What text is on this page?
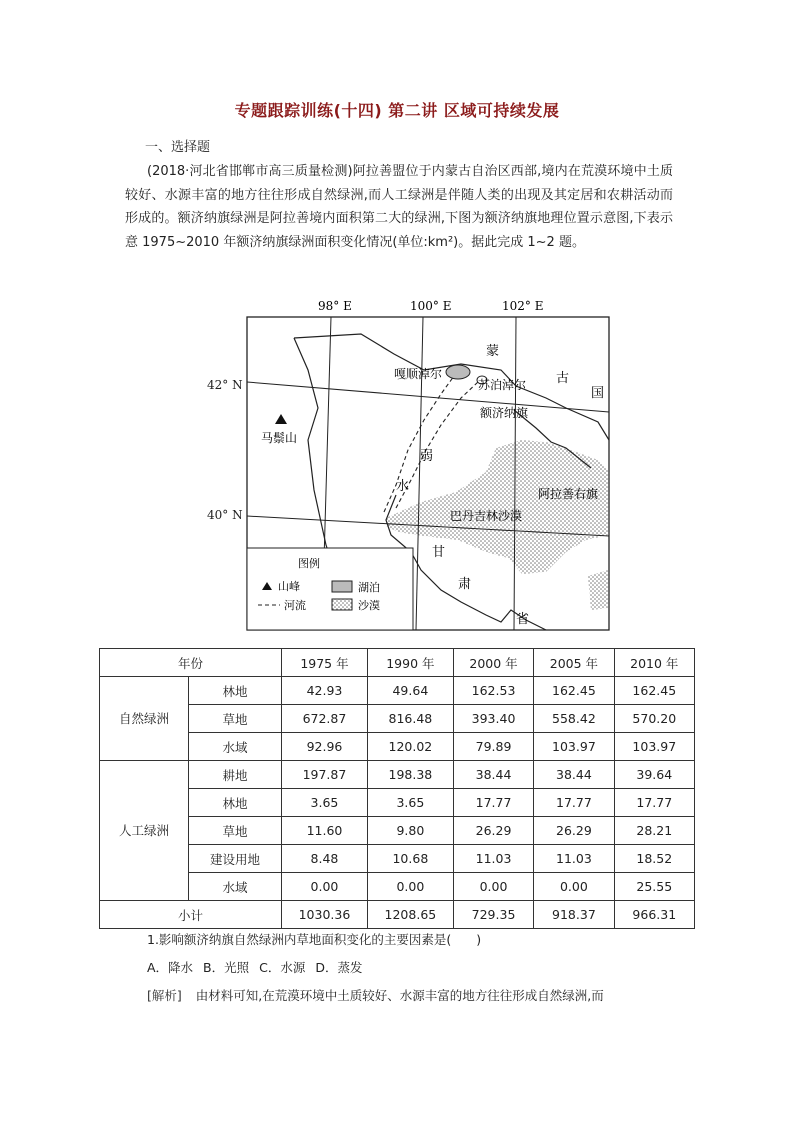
专题跟踪训练(十四) 第二讲 区域可持续发展
一、选择题
(2018·河北省邯郸市高三质量检测)阿拉善盟位于内蒙古自治区西部,境内在荒漠环境中土质较好、水源丰富的地方往往形成自然绿洲,而人工绿洲是伴随人类的出现及其定居和农耕活动而形成的。额济纳旗绿洲是阿拉善境内面积第二大的绿洲,下图为额济纳旗地理位置示意图,下表示意 1975~2010 年额济纳旗绿洲面积变化情况(单位:km²)。据此完成 1~2 题。
98° E	100° E	102° E
蒙
古
国
嘎顺淖尔
苏泊淖尔
额济纳旗
马鬃山
弱
水	阿拉善右旗
巴丹吉林沙漠
甘
肃
省
图例
山峰	湖泊
河流	沙漠
42° N
40° N
年份		1975 年	1990 年	2000 年	2005 年	2010 年
自然绿洲	林地	42.93	49.64	162.53	162.45	162.45
	草地	672.87	816.48	393.40	558.42	570.20
	水域	92.96	120.02	79.89	103.97	103.97
人工绿洲	耕地	197.87	198.38	38.44	38.44	39.64
	林地	3.65	3.65	17.77	17.77	17.77
	草地	11.60	9.80	26.29	26.29	28.21
	建设用地	8.48	10.68	11.03	11.03	18.52
	水域	0.00	0.00	0.00	0.00	25.55
小计		1030.36	1208.65	729.35	918.37	966.31
1.影响额济纳旗自然绿洲内草地面积变化的主要因素是(　　)
A．降水 B．光照 C．水源 D．蒸发
[解析] 由材料可知,在荒漠环境中土质较好、水源丰富的地方往往形成自然绿洲,而
